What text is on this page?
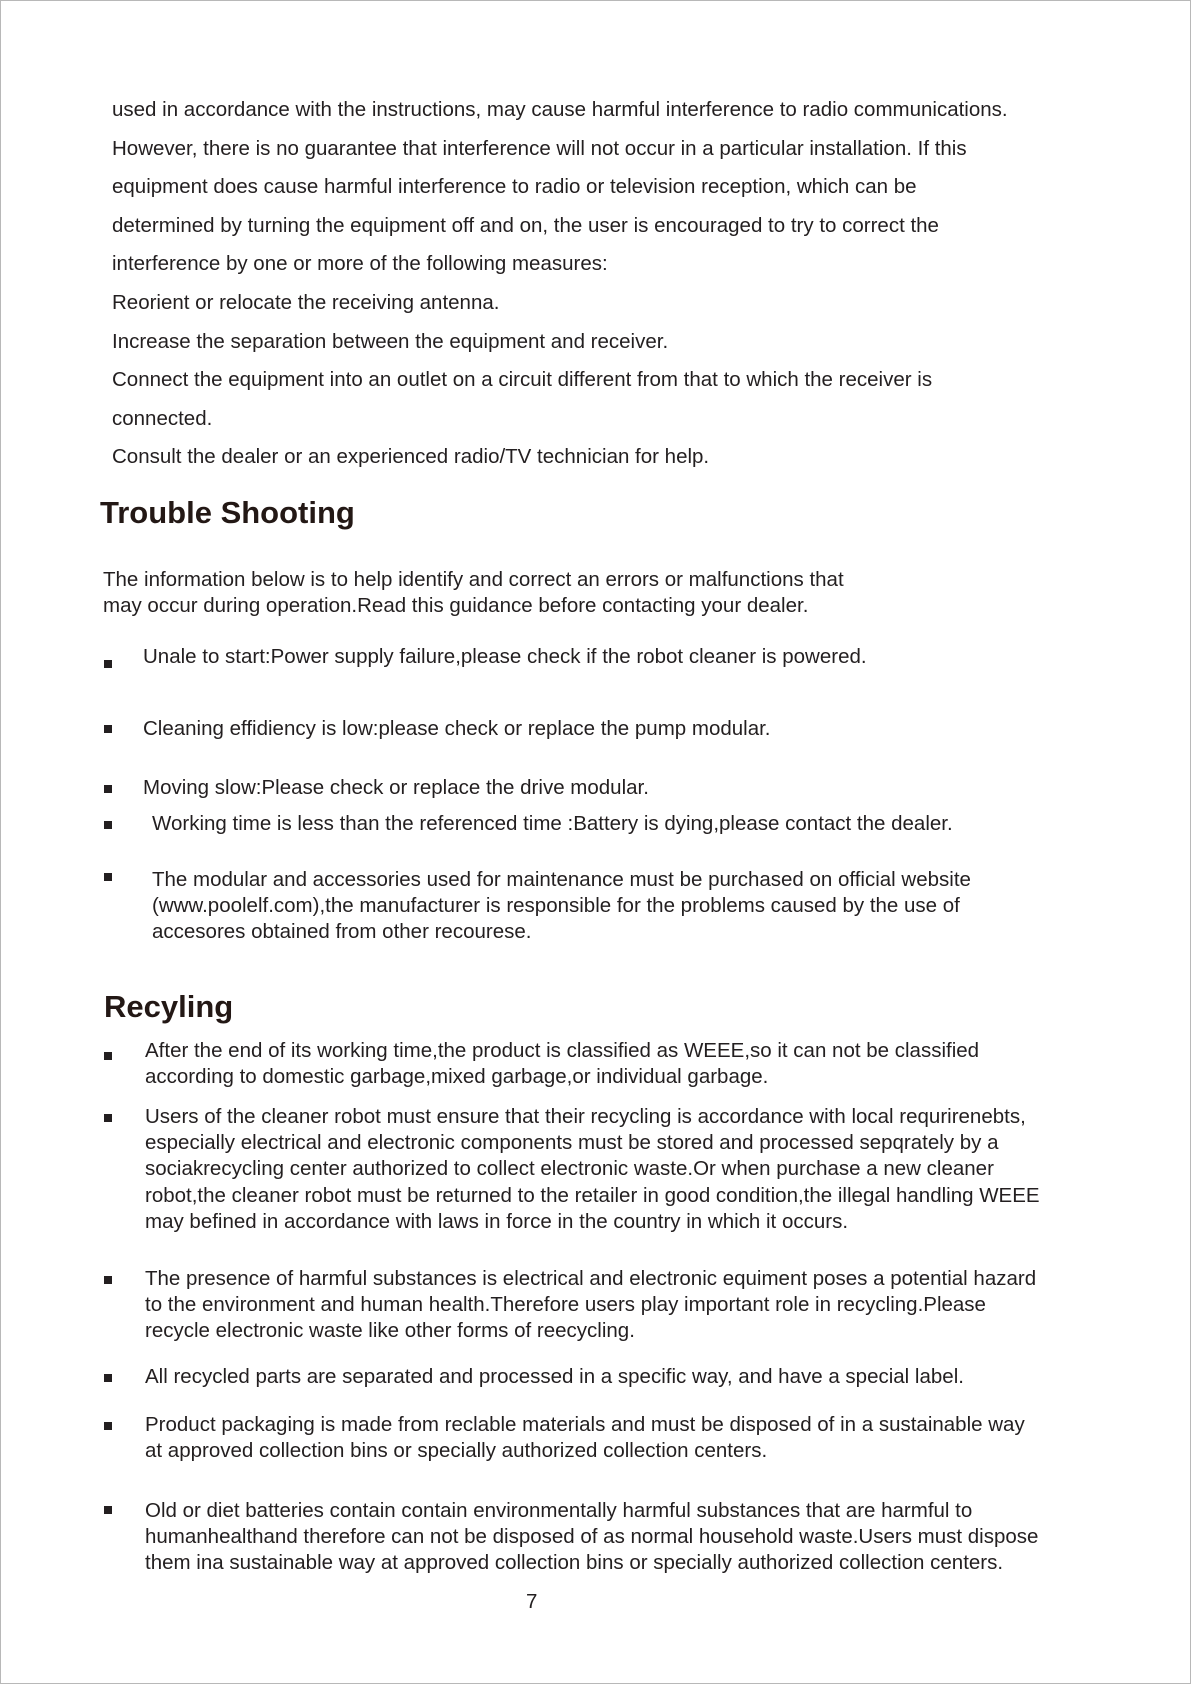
used in accordance with the instructions, may cause harmful interference to radio communications.
However, there is no guarantee that interference will not occur in a particular installation. If this
equipment does cause harmful interference to radio or television reception, which can be
determined by turning the equipment off and on, the user is encouraged to try to correct the
interference by one or more of the following measures:
Reorient or relocate the receiving antenna.
Increase the separation between the equipment and receiver.
Connect the equipment into an outlet on a circuit different from that to which the receiver is
connected.
Consult the dealer or an experienced radio/TV technician for help.
Trouble Shooting
The information below is to help identify and correct an errors or malfunctions that
may occur during operation.Read this guidance before contacting your dealer.
Unale to start:Power supply failure,please check if the robot cleaner is powered.
Cleaning effidiency is low:please check or replace the pump modular.
Moving slow:Please check or replace the drive modular.
Working time is less than the referenced time :Battery is dying,please contact the dealer.
The modular and accessories used for maintenance must be purchased on official website
(www.poolelf.com),the manufacturer is responsible for the problems caused by the use of
accesores obtained from other recourese.
Recyling
After the end of its working time,the product is classified as WEEE,so it can not be classified
according to domestic garbage,mixed garbage,or individual garbage.
Users of the cleaner robot must ensure that their recycling is accordance with local requrirenebts,
especially electrical and electronic components must be stored and processed sepqrately by a
sociakrecycling center authorized to collect electronic waste.Or when purchase a new cleaner
robot,the cleaner robot must be returned to the retailer in good condition,the illegal handling WEEE
may befined in accordance with laws in force in the country in which it occurs.
The presence of harmful substances is electrical and electronic equiment poses a potential hazard
to the environment and human health.Therefore users play important role in recycling.Please
recycle electronic waste like other forms of reecycling.
All recycled parts are separated and processed in a specific way, and have a special label.
Product packaging is made from reclable materials and must be disposed of in a sustainable way
at approved collection bins or specially authorized collection centers.
Old or diet batteries contain contain environmentally harmful substances that are harmful to
humanhealthand therefore can not be disposed of as normal household waste.Users must dispose
them ina sustainable way at approved collection bins or specially authorized collection centers.
7
